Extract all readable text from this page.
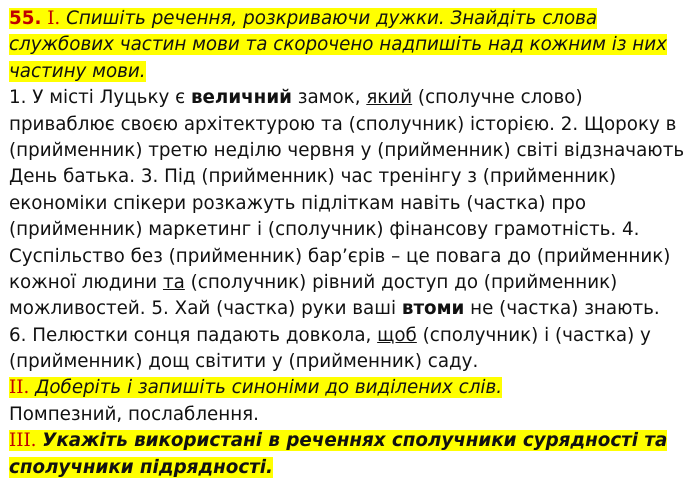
55. I. Спишіть речення, розкриваючи дужки. Знайдіть слова
службових частин мови та скорочено надпишіть над кожним із них
частину мови.
1. У місті Луцьку є величний замок, який (сполучне слово)
приваблює своєю архітектурою та (сполучник) історією. 2. Щороку в
(прийменник) третю неділю червня у (прийменник) світі відзначають
День батька. 3. Під (прийменник) час тренінгу з (прийменник)
економіки спікери розкажуть підліткам навіть (частка) про
(прийменник) маркетинг і (сполучник) фінансову грамотність. 4.
Суспільство без (прийменник) бар’єрів – це повага до (прийменник)
кожної людини та (сполучник) рівний доступ до (прийменник)
можливостей. 5. Хай (частка) руки ваші втоми не (частка) знають.
6. Пелюстки сонця падають довкола, щоб (сполучник) і (частка) у
(прийменник) дощ світити у (прийменник) саду.
II. Доберіть і запишіть синоніми до виділених слів.
Помпезний, послаблення.
III. Укажіть використані в реченнях сполучники сурядності та
сполучники підрядності.
